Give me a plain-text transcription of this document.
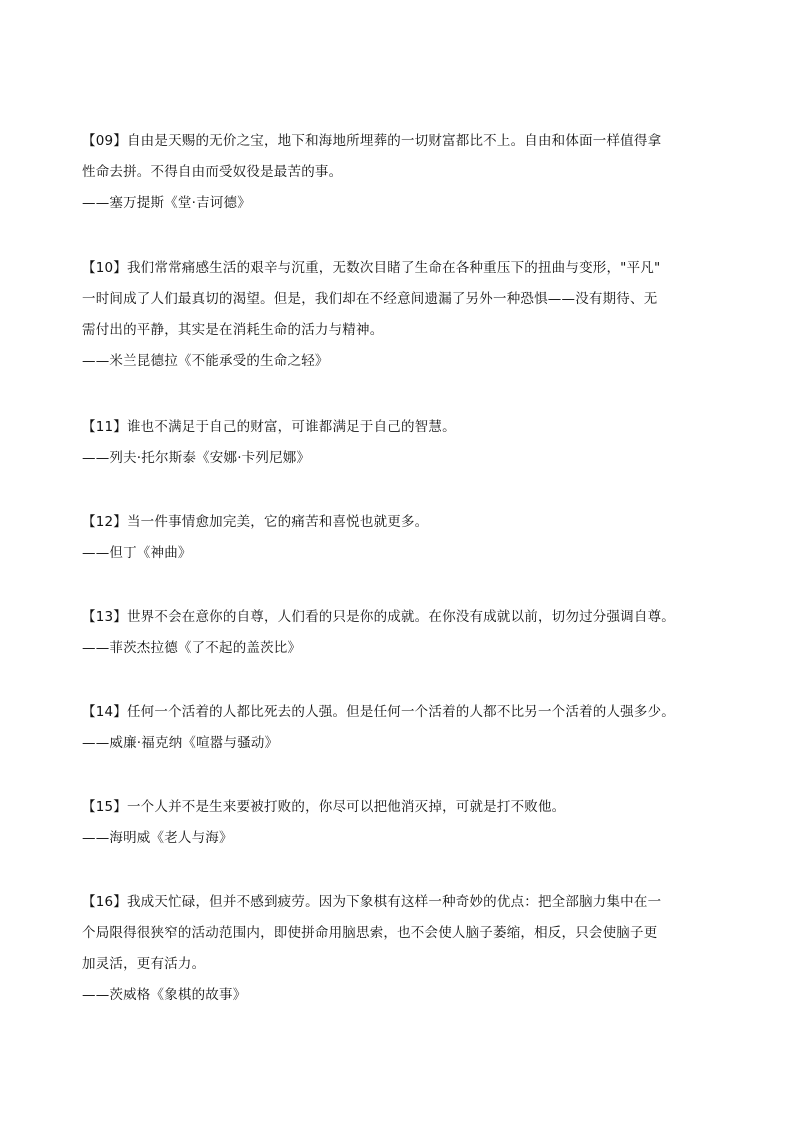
【09】自由是天赐的无价之宝，地下和海地所埋葬的一切财富都比不上。自由和体面一样值得拿
性命去拼。不得自由而受奴役是最苦的事。
——塞万提斯《堂·吉诃德》
【10】我们常常痛感生活的艰辛与沉重，无数次目睹了生命在各种重压下的扭曲与变形，"平凡"
一时间成了人们最真切的渴望。但是，我们却在不经意间遗漏了另外一种恐惧——没有期待、无
需付出的平静，其实是在消耗生命的活力与精神。
——米兰昆德拉《不能承受的生命之轻》
【11】谁也不满足于自己的财富，可谁都满足于自己的智慧。
——列夫·托尔斯泰《安娜·卡列尼娜》
【12】当一件事情愈加完美，它的痛苦和喜悦也就更多。
——但丁《神曲》
【13】世界不会在意你的自尊，人们看的只是你的成就。在你没有成就以前，切勿过分强调自尊。
——菲茨杰拉德《了不起的盖茨比》
【14】任何一个活着的人都比死去的人强。但是任何一个活着的人都不比另一个活着的人强多少。
——威廉·福克纳《喧嚣与骚动》
【15】一个人并不是生来要被打败的，你尽可以把他消灭掉，可就是打不败他。
——海明威《老人与海》
【16】我成天忙碌，但并不感到疲劳。因为下象棋有这样一种奇妙的优点：把全部脑力集中在一
个局限得很狭窄的活动范围内，即使拼命用脑思索，也不会使人脑子萎缩，相反，只会使脑子更
加灵活，更有活力。
——茨威格《象棋的故事》
